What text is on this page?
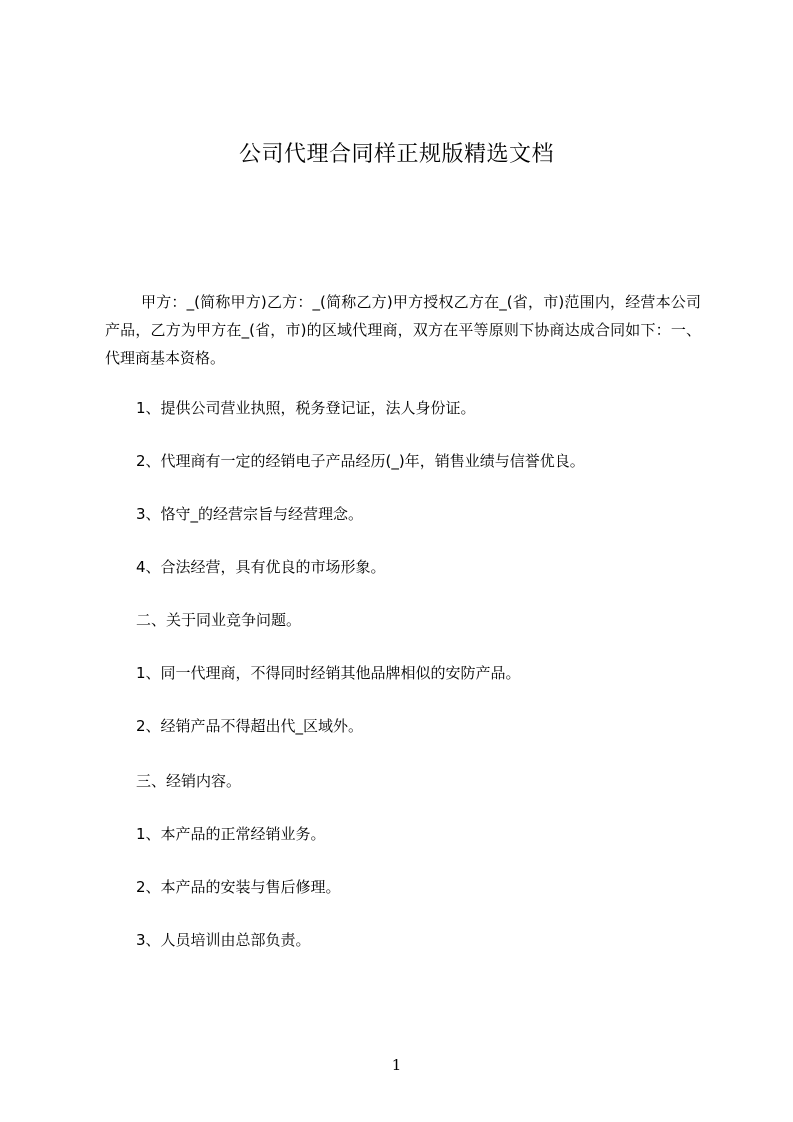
公司代理合同样正规版精选文档
甲方：_(简称甲方)乙方：_(简称乙方)甲方授权乙方在_(省，市)范围内，经营本公司产品，乙方为甲方在_(省，市)的区域代理商，双方在平等原则下协商达成合同如下：一、代理商基本资格。
1、提供公司营业执照，税务登记证，法人身份证。
2、代理商有一定的经销电子产品经历(_)年，销售业绩与信誉优良。
3、恪守_的经营宗旨与经营理念。
4、合法经营，具有优良的市场形象。
二、关于同业竞争问题。
1、同一代理商，不得同时经销其他品牌相似的安防产品。
2、经销产品不得超出代_区域外。
三、经销内容。
1、本产品的正常经销业务。
2、本产品的安装与售后修理。
3、人员培训由总部负责。
1
